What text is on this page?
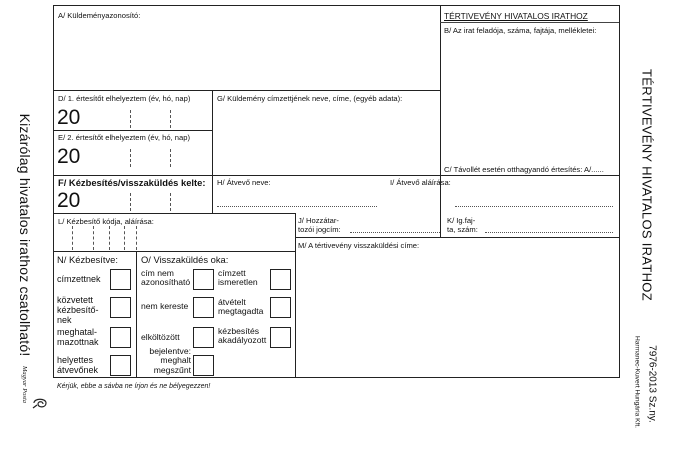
Kizárólag hivatalos irathoz csatolható!
Magyar Posta
A/ Küldeményazonosító:	TÉRTIVEVÉNY HIVATALOS IRATHOZ
B/ Az irat feladója, száma, fajtája, mellékletei:
C/ Távollét esetén otthagyandó értesítés: A/......
D/ 1. értesítőt elhelyeztem (év, hó, nap)
20
E/ 2. értesítőt elhelyeztem (év, hó, nap)
20
G/ Küldemény címzettjének neve, címe, (egyéb adata):
F/ Kézbesítés/visszaküldés kelte:
20
H/ Átvevő neve:	I/ Átvevő aláírása:
L/ Kézbesítő kódja, aláírása:	J/ Hozzátar-
tozói jogcím:
K/ Ig.faj-
ta, szám:
M/ A tértivevény visszaküldési címe:
N/ Kézbesítve: O/ Visszaküldés oka:
címzettnek
közvetett kézbesítő-nek
meghatal-mazottnak
helyettes átvevőnek
cím nem azonosítható
címzett ismeretlen
nem kereste	átvételt megtagadta
elköltözött
kézbesítés akadályozott
bejelentve: meghalt megszűnt
Kérjük, ebbe a sávba ne írjon és ne bélyegezzen!
TÉRTIVEVÉNY HIVATALOS IRATHOZ
7976-2013 Sz.ny.
Harmanec-Kuvert Hungária Kft.
